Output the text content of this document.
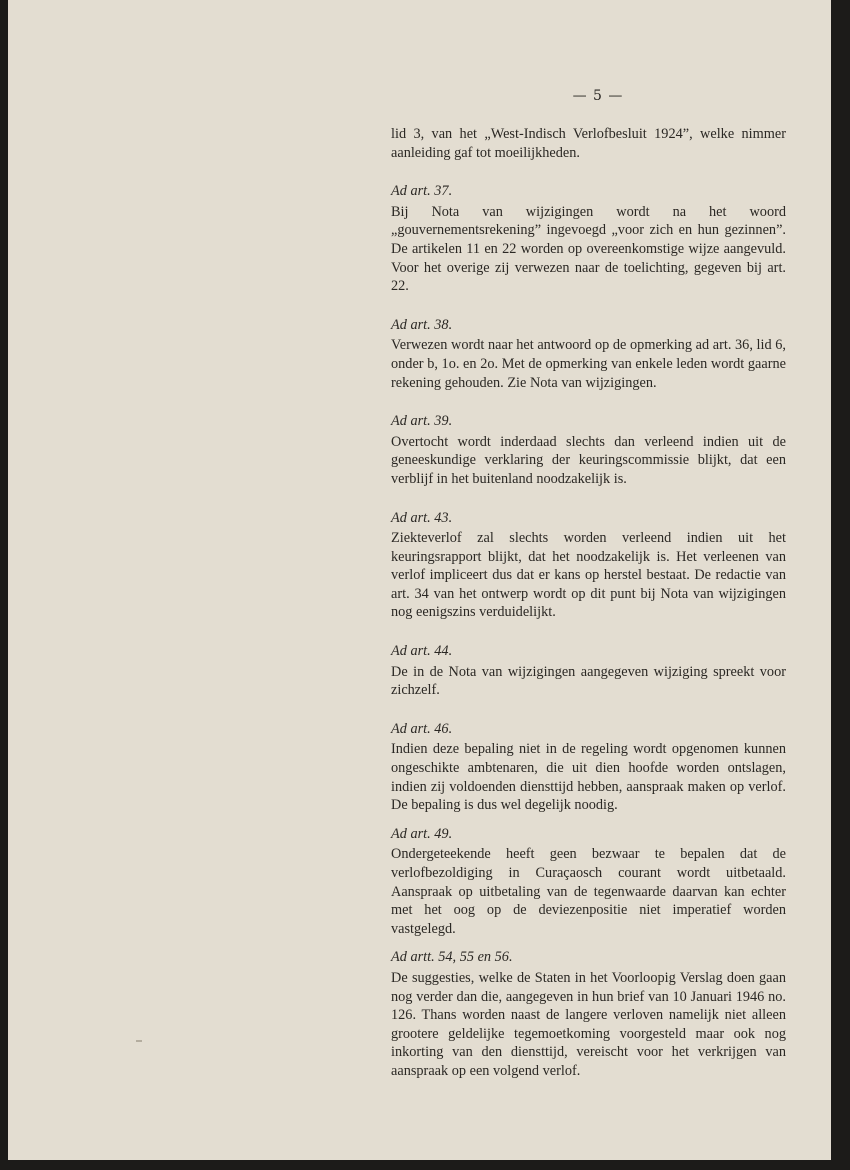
— 5 —

lid 3, van het „West-Indisch Verlofbesluit 1924”, welke nimmer aanleiding gaf tot moeilijkheden.

Ad art. 37.

Bij Nota van wijzigingen wordt na het woord „gouvernementsrekening” ingevoegd „voor zich en hun gezinnen”. De artikelen 11 en 22 worden op overeenkomstige wijze aangevuld. Voor het overige zij verwezen naar de toelichting, gegeven bij art. 22.

Ad art. 38.

Verwezen wordt naar het antwoord op de opmerking ad art. 36, lid 6, onder b, 1o. en 2o. Met de opmerking van enkele leden wordt gaarne rekening gehouden. Zie Nota van wijzigingen.

Ad art. 39.

Overtocht wordt inderdaad slechts dan verleend indien uit de geneeskundige verklaring der keuringscommissie blijkt, dat een verblijf in het buitenland noodzakelijk is.

Ad art. 43.

Ziekteverlof zal slechts worden verleend indien uit het keuringsrapport blijkt, dat het noodzakelijk is. Het verleenen van verlof impliceert dus dat er kans op herstel bestaat. De redactie van art. 34 van het ontwerp wordt op dit punt bij Nota van wijzigingen nog eenigszins verduidelijkt.

Ad art. 44.

De in de Nota van wijzigingen aangegeven wijziging spreekt voor zichzelf.

Ad art. 46.

Indien deze bepaling niet in de regeling wordt opgenomen kunnen ongeschikte ambtenaren, die uit dien hoofde worden ontslagen, indien zij voldoenden diensttijd hebben, aanspraak maken op verlof. De bepaling is dus wel degelijk noodig.

Ad art. 49.

Ondergeteekende heeft geen bezwaar te bepalen dat de verlofbezoldiging in Curaçaosch courant wordt uitbetaald. Aanspraak op uitbetaling van de tegenwaarde daarvan kan echter met het oog op de deviezenpositie niet imperatief worden vastgelegd.

Ad artt. 54, 55 en 56.

De suggesties, welke de Staten in het Voorloopig Verslag doen gaan nog verder dan die, aangegeven in hun brief van 10 Januari 1946 no. 126. Thans worden naast de langere verloven namelijk niet alleen grootere geldelijke tegemoetkoming voorgesteld maar ook nog inkorting van den diensttijd, vereischt voor het verkrijgen van aanspraak op een volgend verlof.
